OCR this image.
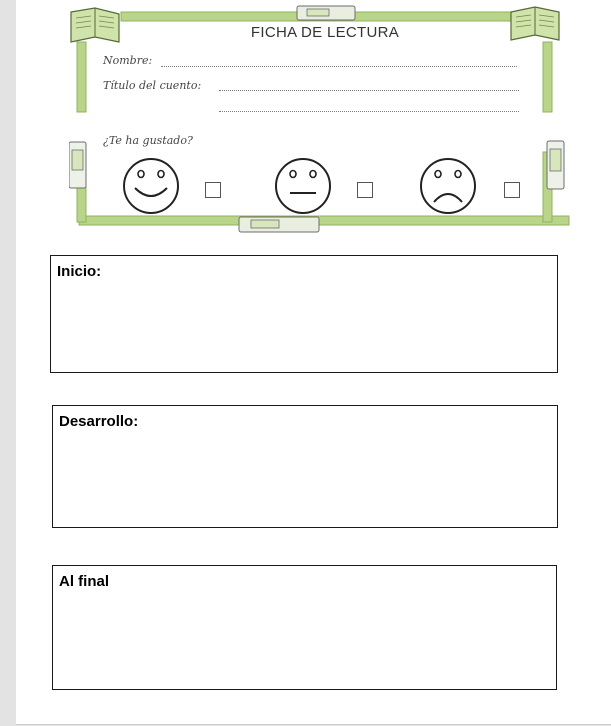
FICHA DE LECTURA
Nombre:
Título del cuento:
¿Te ha gustado?
Inicio:
Desarrollo:
Al final
